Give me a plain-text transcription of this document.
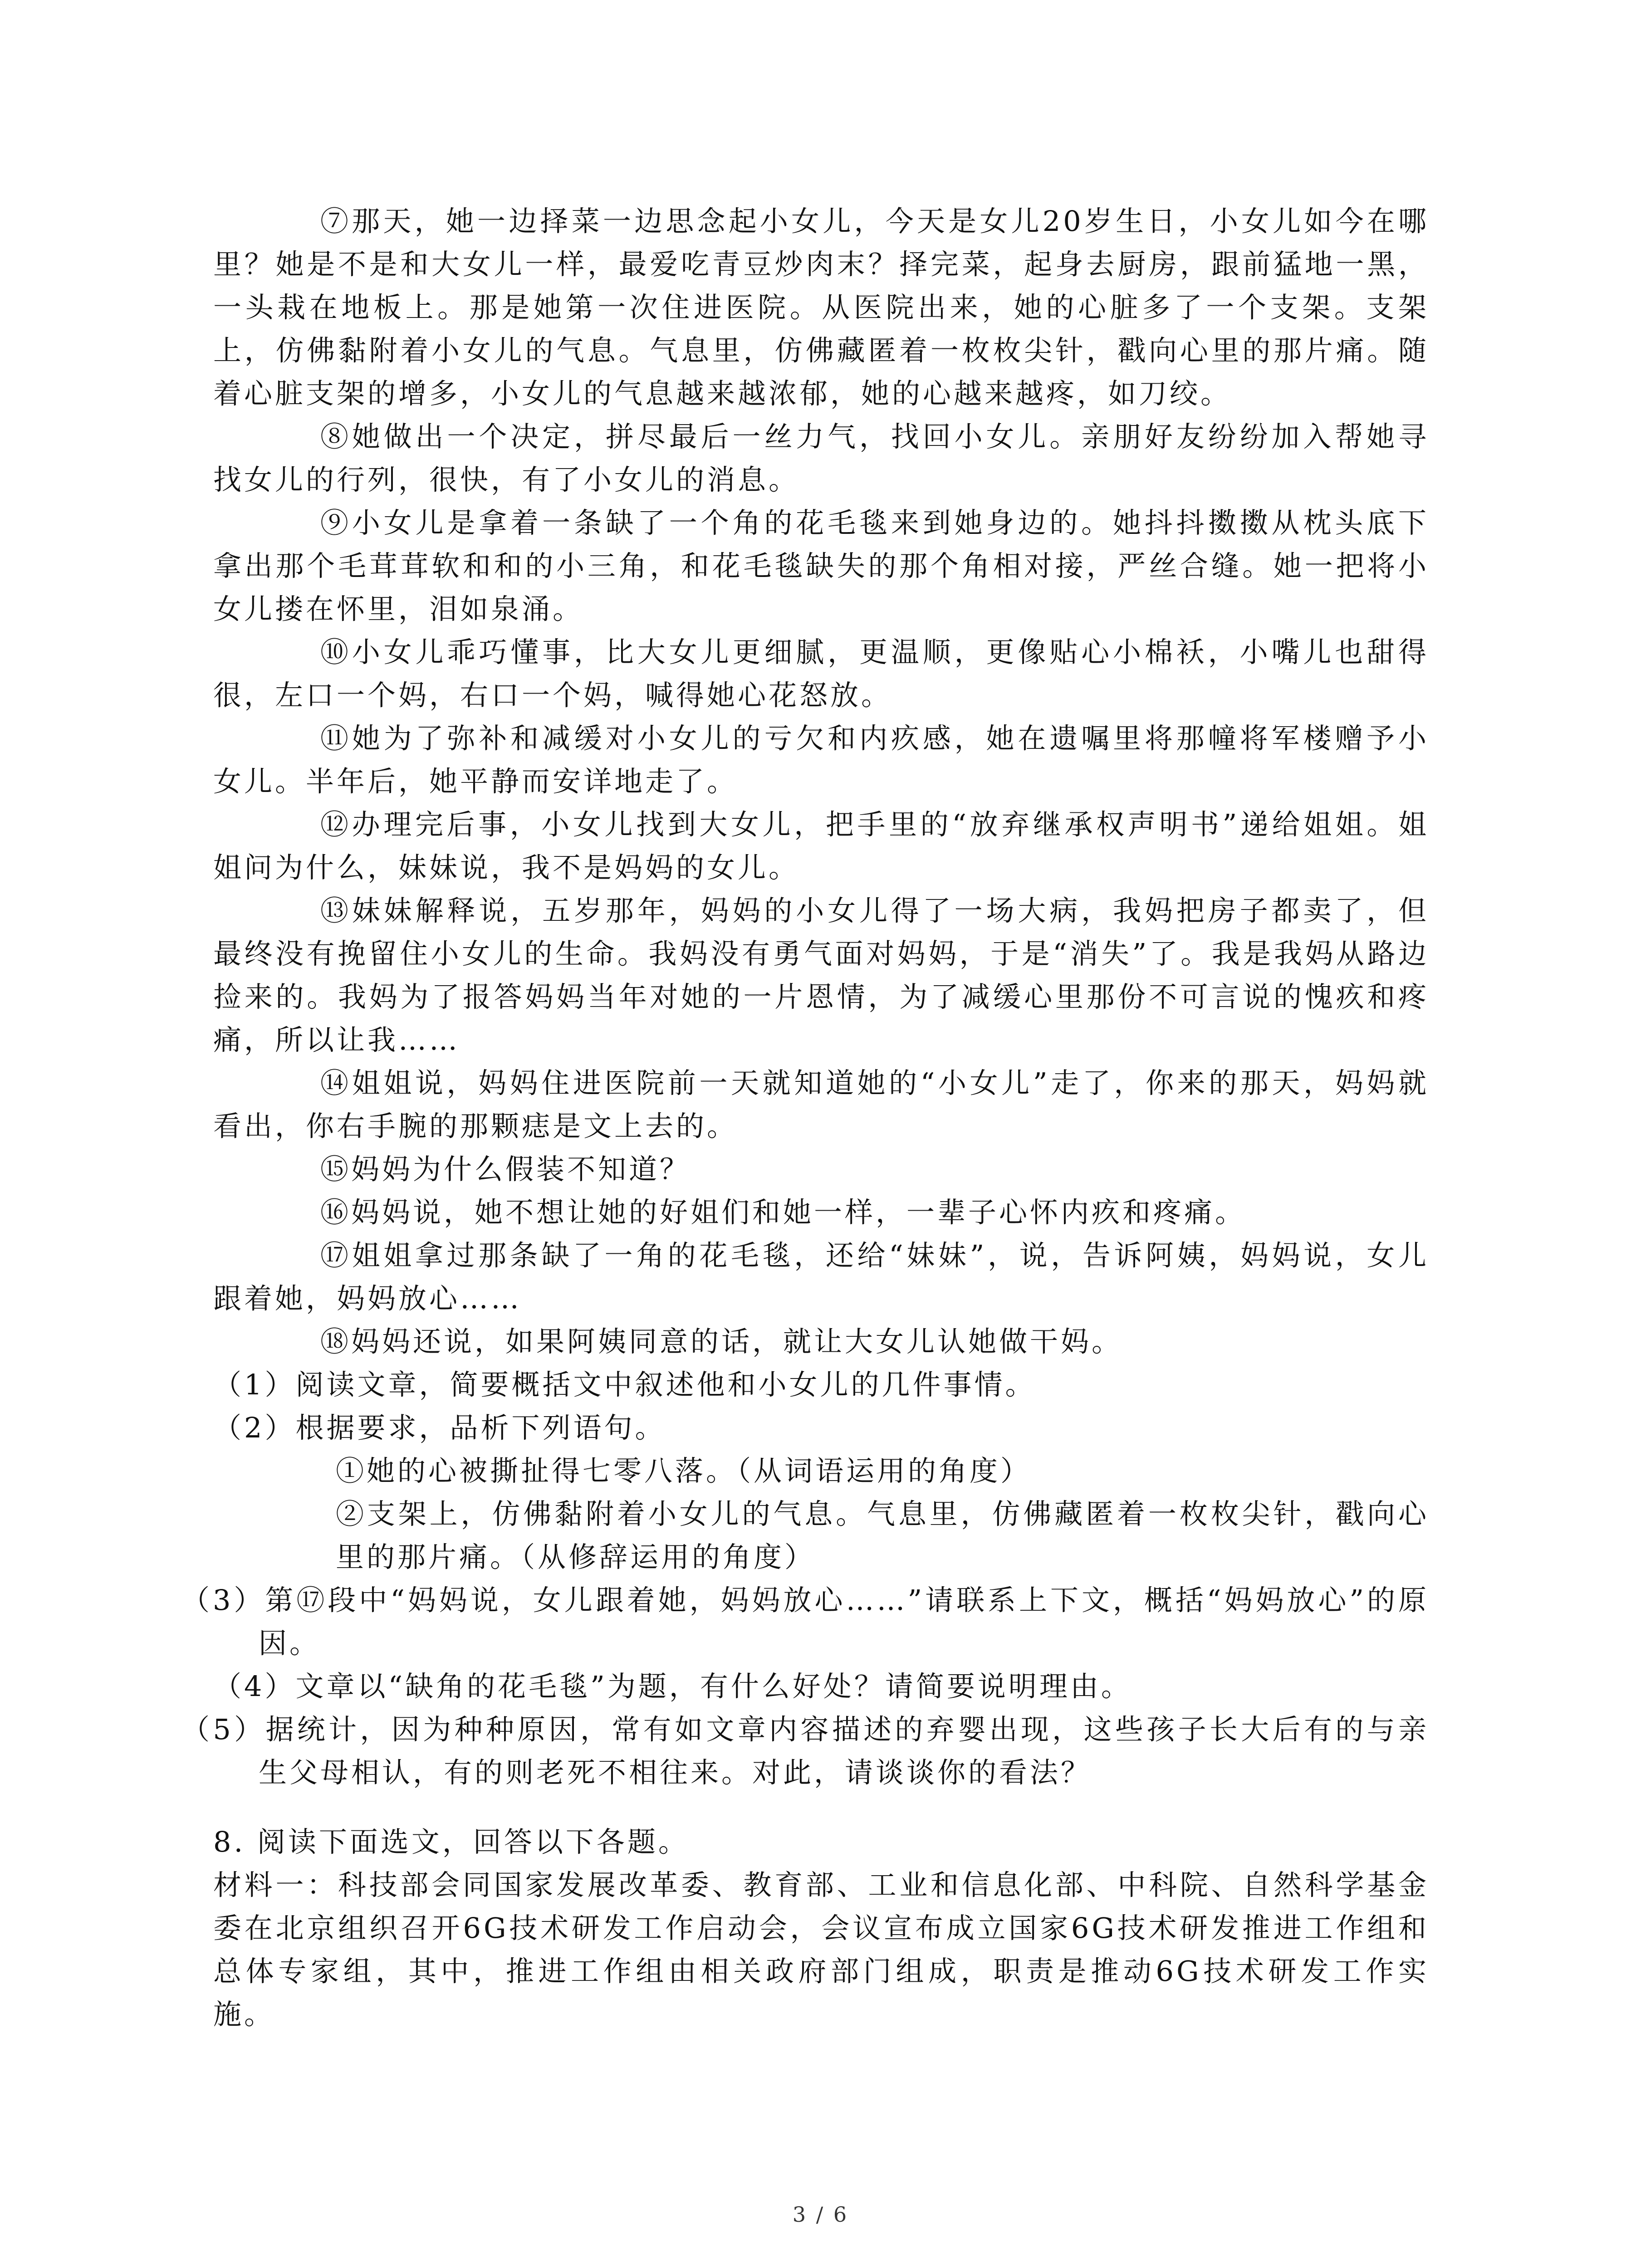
⑦那天，她一边择菜一边思念起小女儿，今天是女儿20岁生日，小女儿如今在哪里？她是不是和大女儿一样，最爱吃青豆炒肉末？择完菜，起身去厨房，跟前猛地一黑，一头栽在地板上。那是她第一次住进医院。从医院出来，她的心脏多了一个支架。支架上，仿佛黏附着小女儿的气息。气息里，仿佛藏匿着一枚枚尖针，戳向心里的那片痛。随着心脏支架的增多，小女儿的气息越来越浓郁，她的心越来越疼，如刀绞。

⑧她做出一个决定，拼尽最后一丝力气，找回小女儿。亲朋好友纷纷加入帮她寻找女儿的行列，很快，有了小女儿的消息。

⑨小女儿是拿着一条缺了一个角的花毛毯来到她身边的。她抖抖擞擞从枕头底下拿出那个毛茸茸软和和的小三角，和花毛毯缺失的那个角相对接，严丝合缝。她一把将小女儿搂在怀里，泪如泉涌。

⑩小女儿乖巧懂事，比大女儿更细腻，更温顺，更像贴心小棉袄，小嘴儿也甜得很，左口一个妈，右口一个妈，喊得她心花怒放。

⑪她为了弥补和减缓对小女儿的亏欠和内疚感，她在遗嘱里将那幢将军楼赠予小女儿。半年后，她平静而安详地走了。

⑫办理完后事，小女儿找到大女儿，把手里的“放弃继承权声明书”递给姐姐。姐姐问为什么，妹妹说，我不是妈妈的女儿。

⑬妹妹解释说，五岁那年，妈妈的小女儿得了一场大病，我妈把房子都卖了，但最终没有挽留住小女儿的生命。我妈没有勇气面对妈妈，于是“消失”了。我是我妈从路边捡来的。我妈为了报答妈妈当年对她的一片恩情，为了减缓心里那份不可言说的愧疚和疼痛，所以让我……

⑭姐姐说，妈妈住进医院前一天就知道她的“小女儿”走了，你来的那天，妈妈就看出，你右手腕的那颗痣是文上去的。

⑮妈妈为什么假装不知道？

⑯妈妈说，她不想让她的好姐们和她一样，一辈子心怀内疚和疼痛。

⑰姐姐拿过那条缺了一角的花毛毯，还给“妹妹”，说，告诉阿姨，妈妈说，女儿跟着她，妈妈放心……

⑱妈妈还说，如果阿姨同意的话，就让大女儿认她做干妈。

（1）阅读文章，简要概括文中叙述他和小女儿的几件事情。

（2）根据要求，品析下列语句。

①她的心被撕扯得七零八落。（从词语运用的角度）

②支架上，仿佛黏附着小女儿的气息。气息里，仿佛藏匿着一枚枚尖针，戳向心里的那片痛。（从修辞运用的角度）

（3）第⑰段中“妈妈说，女儿跟着她，妈妈放心……”请联系上下文，概括“妈妈放心”的原因。

（4）文章以“缺角的花毛毯”为题，有什么好处？请简要说明理由。

（5）据统计，因为种种原因，常有如文章内容描述的弃婴出现，这些孩子长大后有的与亲生父母相认，有的则老死不相往来。对此，请谈谈你的看法？

8. 阅读下面选文，回答以下各题。

材料一：科技部会同国家发展改革委、教育部、工业和信息化部、中科院、自然科学基金委在北京组织召开6G技术研发工作启动会，会议宣布成立国家6G技术研发推进工作组和总体专家组，其中，推进工作组由相关政府部门组成，职责是推动6G技术研发工作实施。

3 / 6
